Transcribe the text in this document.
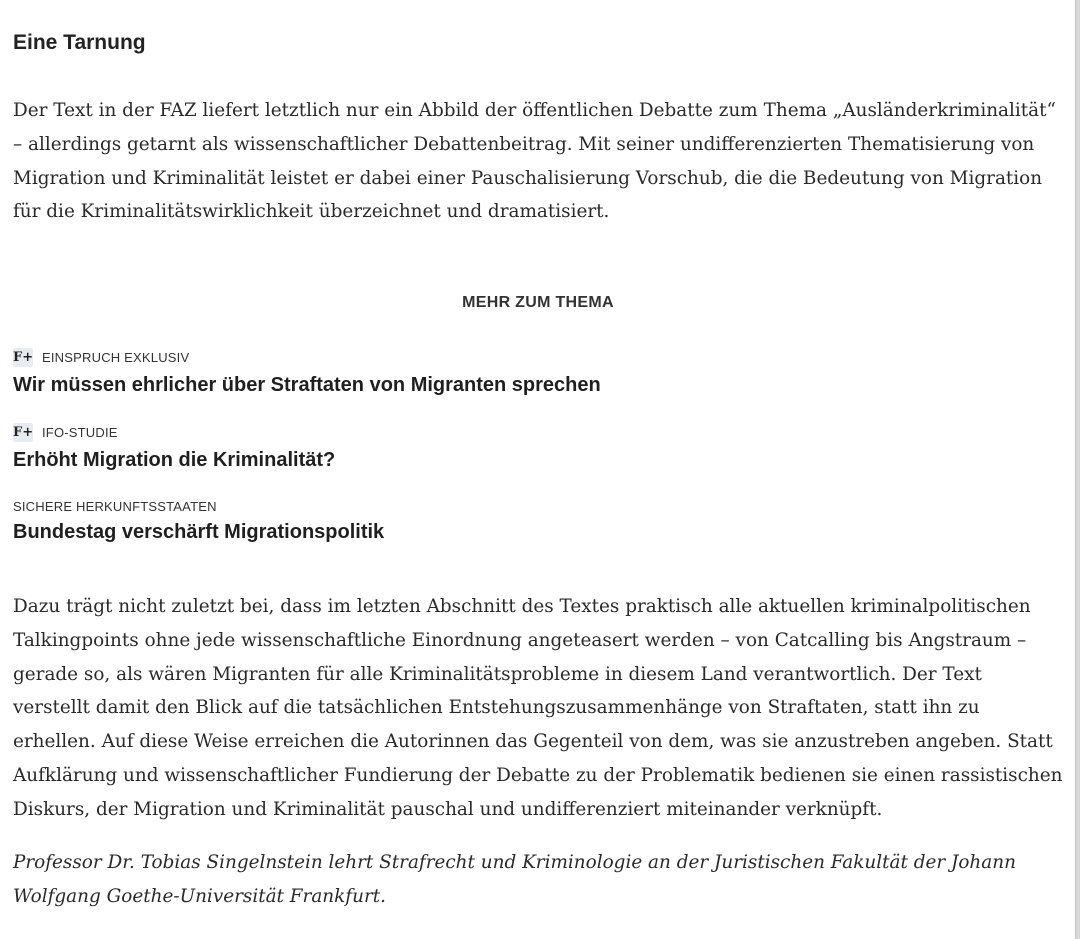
Eine Tarnung

Der Text in der FAZ liefert letztlich nur ein Abbild der öffentlichen Debatte zum Thema „Ausländerkriminalität“ – allerdings getarnt als wissenschaftlicher Debattenbeitrag. Mit seiner undifferenzierten Thematisierung von Migration und Kriminalität leistet er dabei einer Pauschalisierung Vorschub, die die Bedeutung von Migration für die Kriminalitätswirklichkeit überzeichnet und dramatisiert.

MEHR ZUM THEMA
F+ EINSPRUCH EXKLUSIV
Wir müssen ehrlicher über Straftaten von Migranten sprechen
F+ IFO-STUDIE
Erhöht Migration die Kriminalität?
SICHERE HERKUNFTSSTAATEN
Bundestag verschärft Migrationspolitik

Dazu trägt nicht zuletzt bei, dass im letzten Abschnitt des Textes praktisch alle aktuellen kriminalpolitischen Talkingpoints ohne jede wissenschaftliche Einordnung angeteasert werden – von Catcalling bis Angstraum – gerade so, als wären Migranten für alle Kriminalitätsprobleme in diesem Land verantwortlich. Der Text verstellt damit den Blick auf die tatsächlichen Entstehungszusammenhänge von Straftaten, statt ihn zu erhellen. Auf diese Weise erreichen die Autorinnen das Gegenteil von dem, was sie anzustreben angeben. Statt Aufklärung und wissenschaftlicher Fundierung der Debatte zu der Problematik bedienen sie einen rassistischen Diskurs, der Migration und Kriminalität pauschal und undifferenziert miteinander verknüpft.

Professor Dr. Tobias Singelnstein lehrt Strafrecht und Kriminologie an der Juristischen Fakultät der Johann Wolfgang Goethe-Universität Frankfurt.
